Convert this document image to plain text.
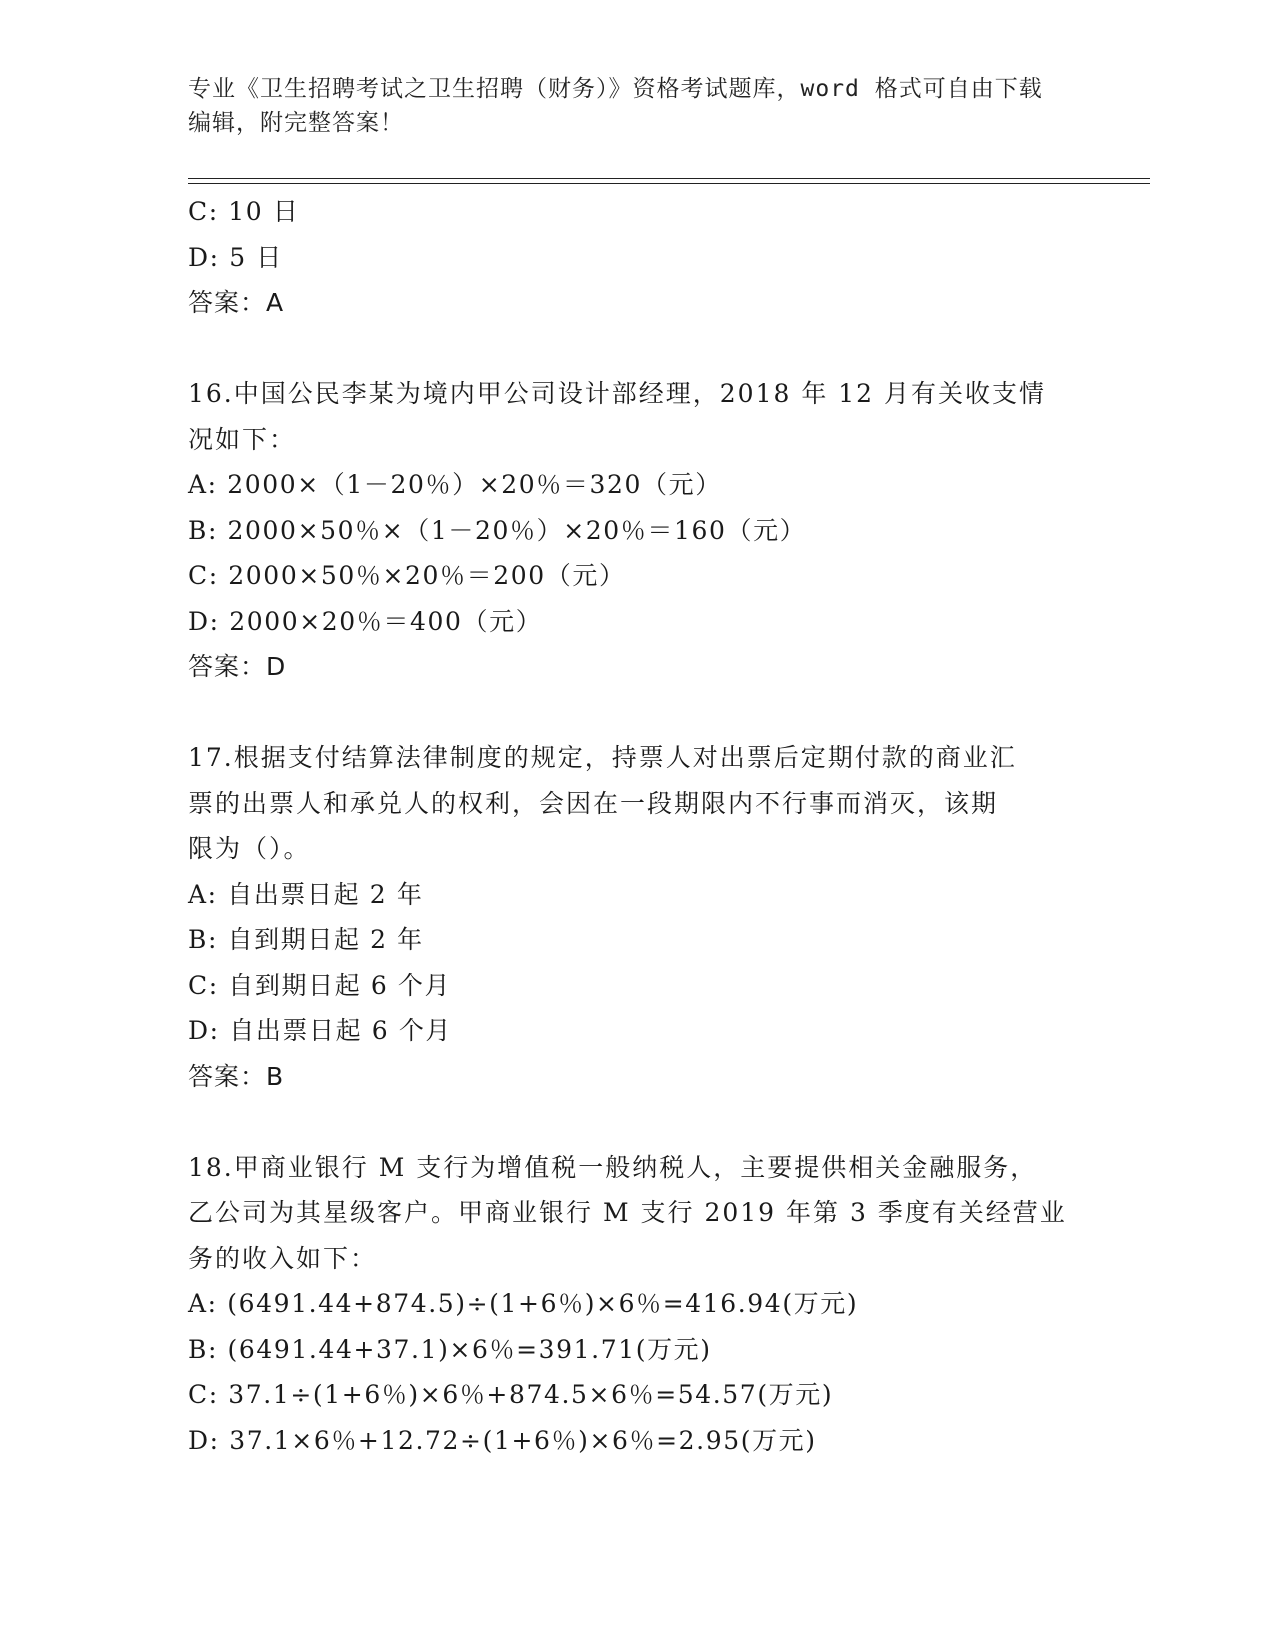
专业《卫生招聘考试之卫生招聘（财务）》资格考试题库，word 格式可自由下载
编辑，附完整答案！
C: 10 日
D: 5 日
答案：A
16.中国公民李某为境内甲公司设计部经理，2018 年 12 月有关收支情
况如下：
A: 2000×（1－20％）×20％＝320（元）
B: 2000×50％×（1－20％）×20％＝160（元）
C: 2000×50％×20％＝200（元）
D: 2000×20％＝400（元）
答案：D
17.根据支付结算法律制度的规定，持票人对出票后定期付款的商业汇
票的出票人和承兑人的权利，会因在一段期限内不行事而消灭，该期
限为（）。
A: 自出票日起 2 年
B: 自到期日起 2 年
C: 自到期日起 6 个月
D: 自出票日起 6 个月
答案：B
18.甲商业银行 M 支行为增值税一般纳税人，主要提供相关金融服务，
乙公司为其星级客户。甲商业银行 M 支行 2019 年第 3 季度有关经营业
务的收入如下：
A: (6491.44+874.5)÷(1+6％)×6％=416.94(万元)
B: (6491.44+37.1)×6％=391.71(万元)
C: 37.1÷(1+6％)×6％+874.5×6％=54.57(万元)
D: 37.1×6％+12.72÷(1+6％)×6％=2.95(万元)
